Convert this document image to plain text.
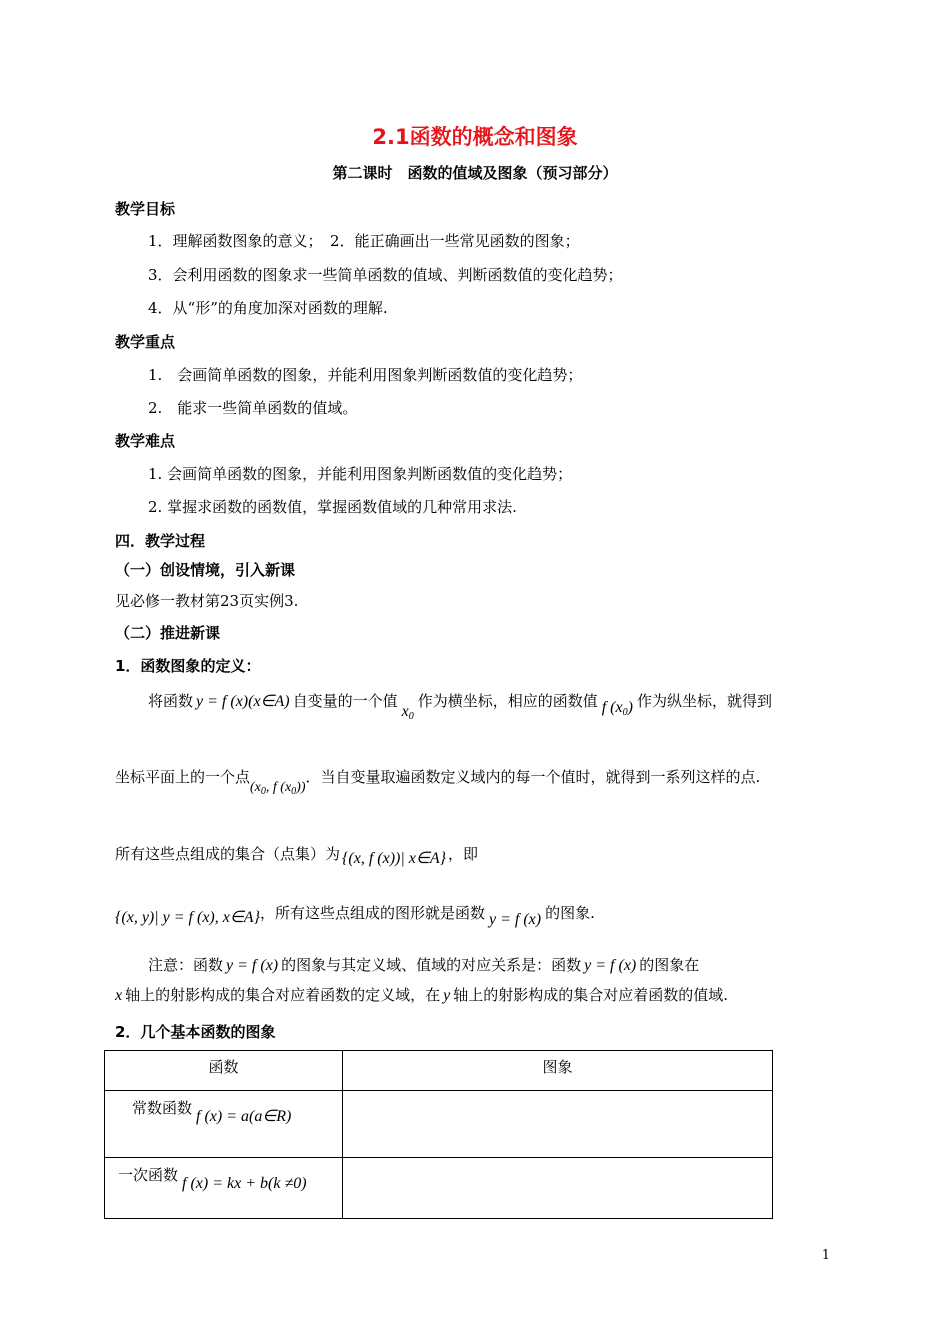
2.1函数的概念和图象
第二课时　函数的值域及图象（预习部分）
教学目标
1．理解函数图象的意义；　2．能正确画出一些常见函数的图象；
3．会利用函数的图象求一些简单函数的值域、判断函数值的变化趋势；
4．从“形”的角度加深对函数的理解.
教学重点
1.　会画简单函数的图象，并能利用图象判断函数值的变化趋势；
2.　能求一些简单函数的值域。
教学难点
1. 会画简单函数的图象，并能利用图象判断函数值的变化趋势；
2. 掌握求函数的函数值，掌握函数值域的几种常用求法.
四．教学过程
（一）创设情境，引入新课
见必修一教材第23页实例3.
（二）推进新课
1．函数图象的定义：
将函数 y = f (x)(x∈A) 自变量的一个值$x_0$作为横坐标，相应的函数值 f $(x_0)$ 作为纵坐标，就得到
坐标平面上的一个点($x_0$, f $(x_0)$)．当自变量取遍函数定义域内的每一个值时，就得到一系列这样的点.
所有这些点组成的集合（点集）为 {(x, f (x))| x∈A} ，即
{(x, y)| y = f (x), x∈A}，所有这些点组成的图形就是函数 y = f (x) 的图象.
注意：函数 y = f (x) 的图象与其定义域、值域的对应关系是：函数 y = f (x) 的图象在
x 轴上的射影构成的集合对应着函数的定义域，在 y 轴上的射影构成的集合对应着函数的值域.
2．几个基本函数的图象
函数	图象
常数函数 f (x) = a(a∈R)	
一次函数 f (x) = kx + b(k ≠0)	
1
